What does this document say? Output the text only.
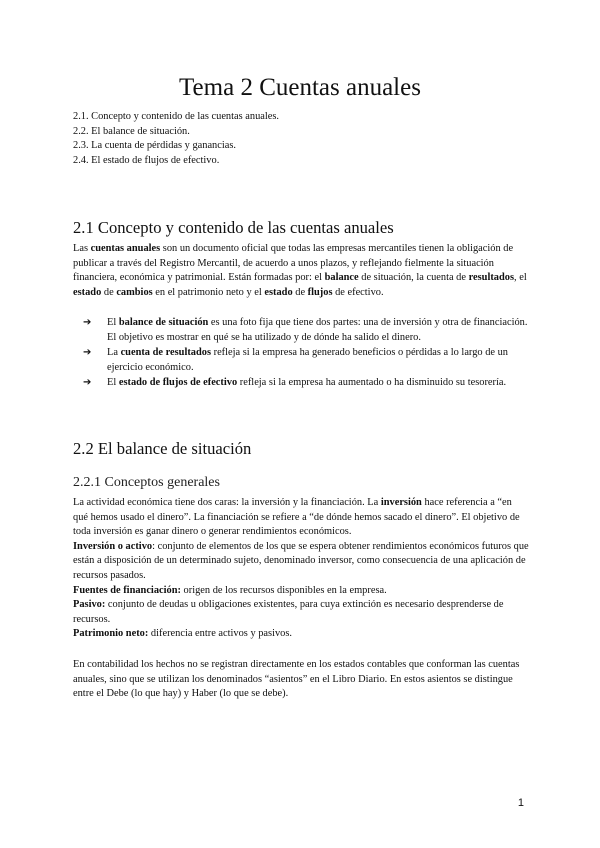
Tema 2 Cuentas anuales
2.1. Concepto y contenido de las cuentas anuales.
2.2. El balance de situación.
2.3. La cuenta de pérdidas y ganancias.
2.4. El estado de flujos de efectivo.
2.1 Concepto y contenido de las cuentas anuales

Las cuentas anuales son un documento oficial que todas las empresas mercantiles tienen la obligación de publicar a través del Registro Mercantil, de acuerdo a unos plazos, y reflejando fielmente la situación financiera, económica y patrimonial. Están formadas por: el balance de situación, la cuenta de resultados, el estado de cambios en el patrimonio neto y el estado de flujos de efectivo.

➔ El balance de situación es una foto fija que tiene dos partes: una de inversión y otra de financiación. El objetivo es mostrar en qué se ha utilizado y de dónde ha salido el dinero.
➔ La cuenta de resultados refleja si la empresa ha generado beneficios o pérdidas a lo largo de un ejercicio económico.
➔ El estado de flujos de efectivo refleja si la empresa ha aumentado o ha disminuido su tesorería.
2.2 El balance de situación
2.2.1 Conceptos generales

La actividad económica tiene dos caras: la inversión y la financiación. La inversión hace referencia a “en qué hemos usado el dinero”. La financiación se refiere a “de dónde hemos sacado el dinero”. El objetivo de toda inversión es ganar dinero o generar rendimientos económicos.

Inversión o activo: conjunto de elementos de los que se espera obtener rendimientos económicos futuros que están a disposición de un determinado sujeto, denominado inversor, como consecuencia de una aplicación de recursos pasados.

Fuentes de financiación: origen de los recursos disponibles en la empresa.

Pasivo: conjunto de deudas u obligaciones existentes, para cuya extinción es necesario desprenderse de recursos.

Patrimonio neto: diferencia entre activos y pasivos.

En contabilidad los hechos no se registran directamente en los estados contables que conforman las cuentas anuales, sino que se utilizan los denominados “asientos” en el Libro Diario. En estos asientos se distingue entre el Debe (lo que hay) y Haber (lo que se debe).

1
